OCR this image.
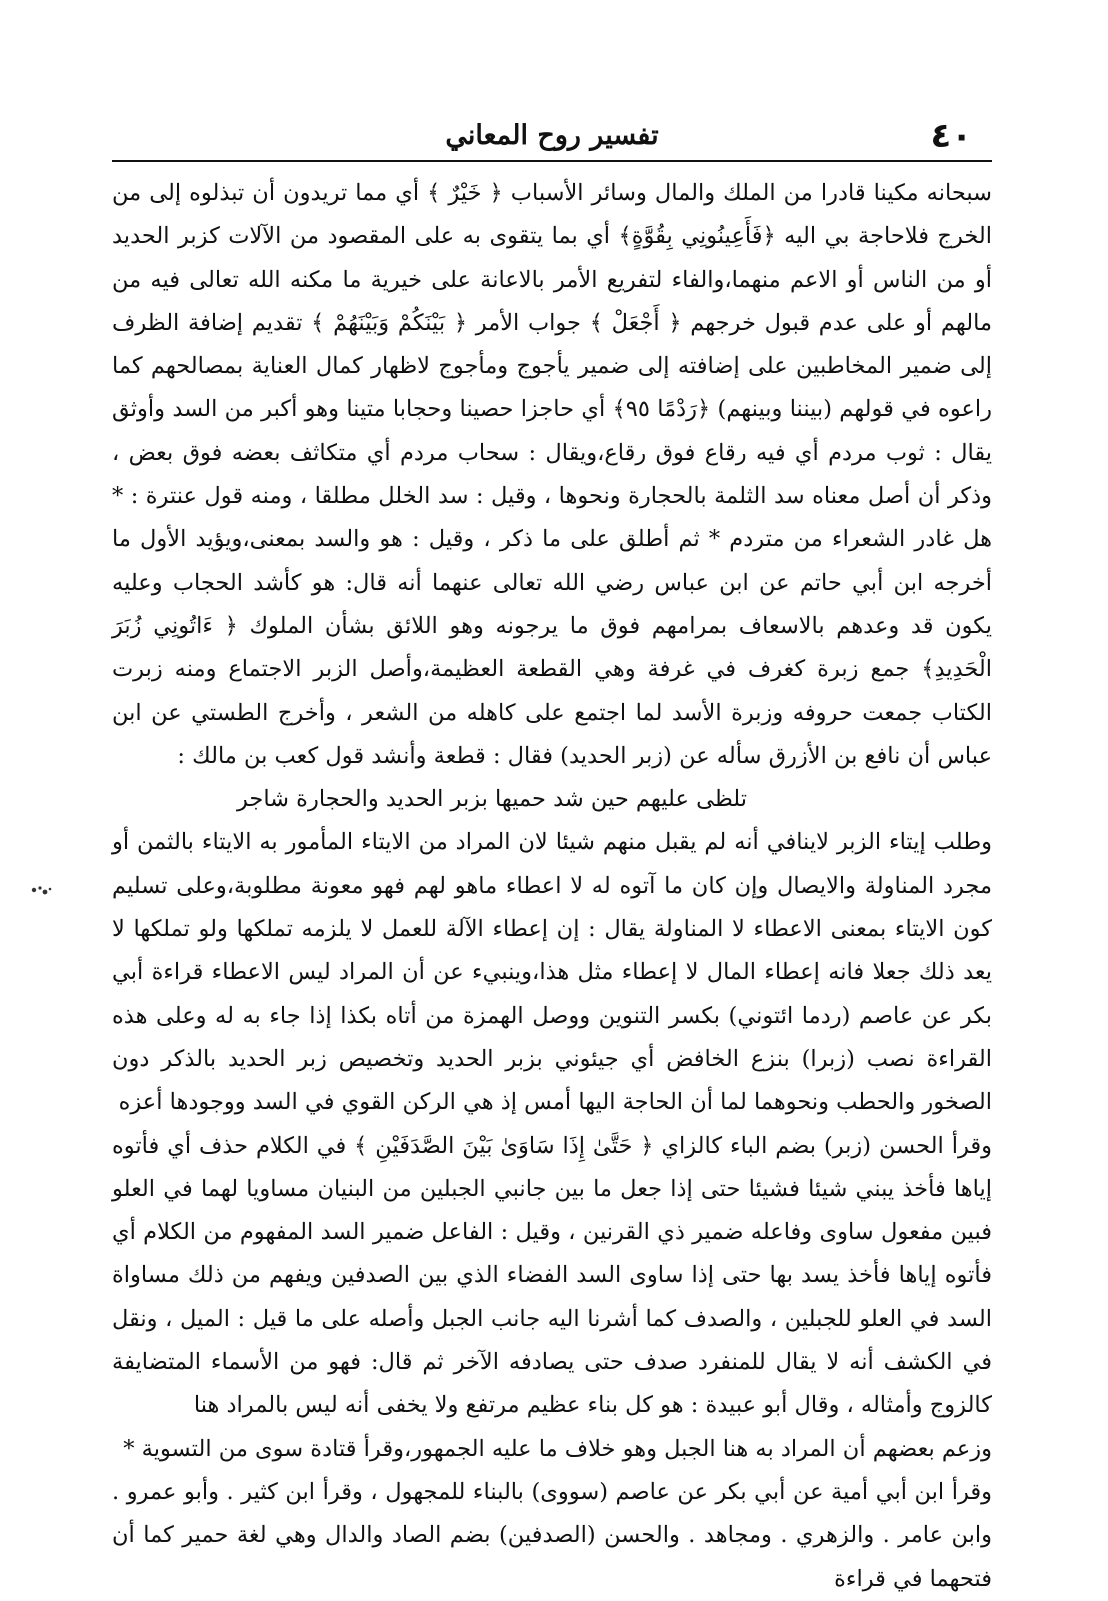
٤٠
تفسير روح المعاني

سبحانه مكينا قادرا من الملك والمال وسائر الأسباب ﴿ خَيْرٌ ﴾ أي مما تريدون أن تبذلوه إلى من الخرج فلاحاجة بي اليه ﴿فَأَعِينُونِي بِقُوَّةٍ﴾ أي بما يتقوى به على المقصود من الآلات كزبر الحديد أو من الناس أو الاعم منهما،والفاء لتفريع الأمر بالاعانة على خيرية ما مكنه الله تعالى فيه من مالهم أو على عدم قبول خرجهم ﴿ أَجْعَلْ ﴾ جواب الأمر ﴿ بَيْنَكُمْ وَبَيْنَهُمْ ﴾ تقديم إضافة الظرف إلى ضمير المخاطبين على إضافته إلى ضمير يأجوج ومأجوج لاظهار كمال العناية بمصالحهم كما راعوه في قولهم (بيننا وبينهم) ﴿رَدْمًا ٩٥﴾ أي حاجزا حصينا وحجابا متينا وهو أكبر من السد وأوثق يقال : ثوب مردم أي فيه رقاع فوق رقاع،ويقال : سحاب مردم أي متكاثف بعضه فوق بعض ، وذكر أن أصل معناه سد الثلمة بالحجارة ونحوها ، وقيل : سد الخلل مطلقا ، ومنه قول عنترة : * هل غادر الشعراء من متردم * ثم أطلق على ما ذكر ، وقيل : هو والسد بمعنى،ويؤيد الأول ما أخرجه ابن أبي حاتم عن ابن عباس رضي الله تعالى عنهما أنه قال: هو كأشد الحجاب وعليه يكون قد وعدهم بالاسعاف بمرامهم فوق ما يرجونه وهو اللائق بشأن الملوك ﴿ ءَاتُونِي زُبَرَ الْحَدِيدِ﴾ جمع زبرة كغرف في غرفة وهي القطعة العظيمة،وأصل الزبر الاجتماع ومنه زبرت الكتاب جمعت حروفه وزبرة الأسد لما اجتمع على كاهله من الشعر ، وأخرج الطستي عن ابن عباس أن نافع بن الأزرق سأله عن (زبر الحديد) فقال : قطعة وأنشد قول كعب بن مالك :

تلظى عليهم حين شد حميها بزبر الحديد والحجارة شاجر

وطلب إيتاء الزبر لاينافي أنه لم يقبل منهم شيئا لان المراد من الايتاء المأمور به الايتاء بالثمن أو مجرد المناولة والايصال وإن كان ما آتوه له لا اعطاء ماهو لهم فهو معونة مطلوبة،وعلى تسليم كون الايتاء بمعنى الاعطاء لا المناولة يقال : إن إعطاء الآلة للعمل لا يلزمه تملكها ولو تملكها لا يعد ذلك جعلا فانه إعطاء المال لا إعطاء مثل هذا،وينبيء عن أن المراد ليس الاعطاء قراءة أبي بكر عن عاصم (ردما ائتوني) بكسر التنوين ووصل الهمزة من أتاه بكذا إذا جاء به له وعلى هذه القراءة نصب (زبرا) بنزع الخافض أي جيئوني بزبر الحديد وتخصيص زبر الحديد بالذكر دون الصخور والحطب ونحوهما لما أن الحاجة اليها أمس إذ هي الركن القوي في السد ووجودها أعزه

وقرأ الحسن (زبر) بضم الباء كالزاي ﴿ حَتَّىٰ إِذَا سَاوَىٰ بَيْنَ الصَّدَفَيْنِ ﴾ في الكلام حذف أي فأتوه إياها فأخذ يبني شيئا فشيئا حتى إذا جعل ما بين جانبي الجبلين من البنيان مساويا لهما في العلو فبين مفعول ساوى وفاعله ضمير ذي القرنين ، وقيل : الفاعل ضمير السد المفهوم من الكلام أي فأتوه إياها فأخذ يسد بها حتى إذا ساوى السد الفضاء الذي بين الصدفين ويفهم من ذلك مساواة السد في العلو للجبلين ، والصدف كما أشرنا اليه جانب الجبل وأصله على ما قيل : الميل ، ونقل في الكشف أنه لا يقال للمنفرد صدف حتى يصادفه الآخر ثم قال: فهو من الأسماء المتضايفة كالزوج وأمثاله ، وقال أبو عبيدة : هو كل بناء عظيم مرتفع ولا يخفى أنه ليس بالمراد هنا

وزعم بعضهم أن المراد به هنا الجبل وهو خلاف ما عليه الجمهور،وقرأ قتادة سوى من التسوية *

وقرأ ابن أبي أمية عن أبي بكر عن عاصم (سووى) بالبناء للمجهول ، وقرأ ابن كثير . وأبو عمرو . وابن عامر . والزهري . ومجاهد . والحسن (الصدفين) بضم الصاد والدال وهي لغة حمير كما أن فتحهما في قراءة
